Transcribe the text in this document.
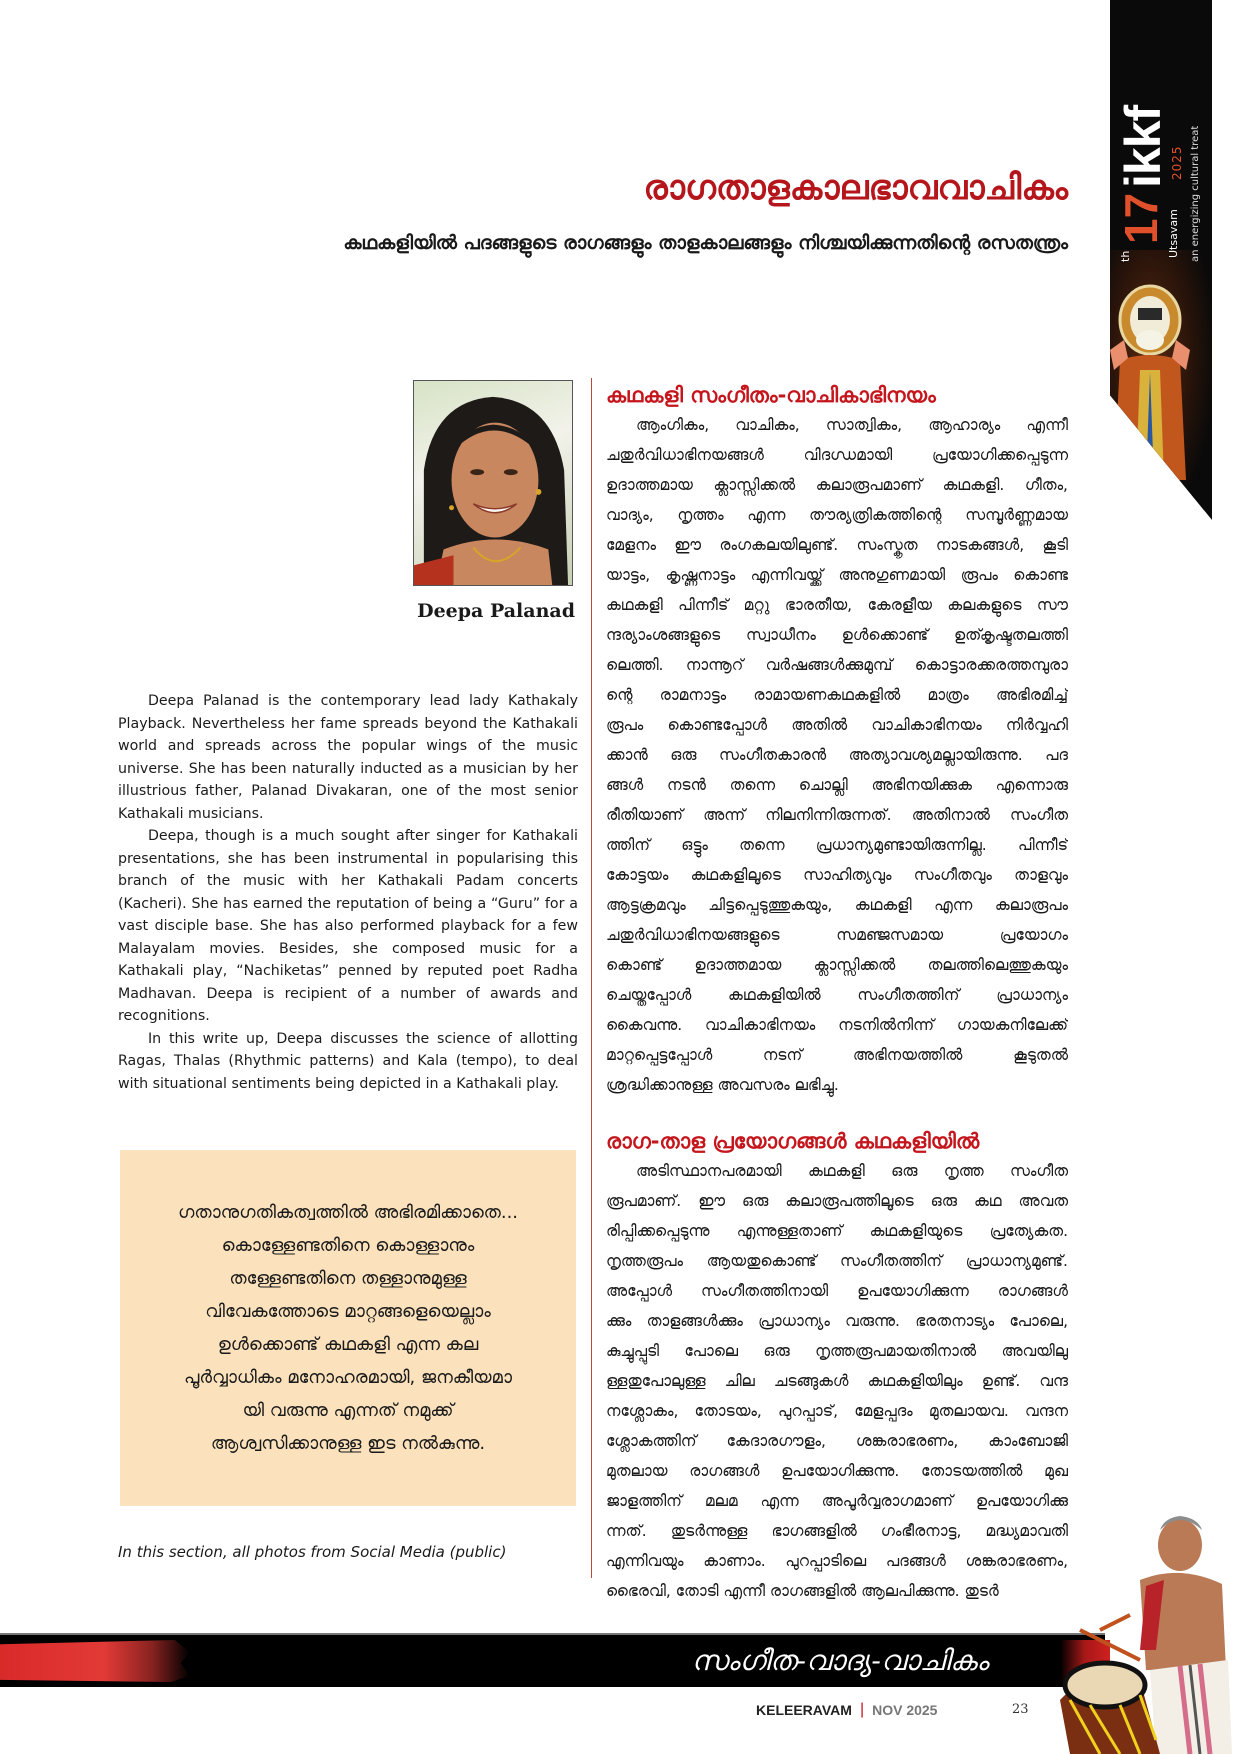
th
17 Utsavam
ikkf 2025 an energizing cultural treat
രാഗതാളകാലഭാവവാചികം
കഥകളിയിൽ പദങ്ങളുടെ രാഗങ്ങളും താളകാലങ്ങളും നിശ്ചയിക്കുന്നതിന്റെ രസതന്ത്രം
Deepa Palanad

Deepa Palanad is the contemporary lead lady Kathakaly Playback. Nevertheless her fame spreads beyond the Kathakali world and spreads across the popular wings of the music universe. She has been naturally inducted as a musician by her illustrious father, Palanad Divakaran, one of the most senior Kathakali musicians.

Deepa, though is a much sought after singer for Kathakali presentations, she has been instrumental in popularising this branch of the music with her Kathakali Padam concerts (Kacheri). She has earned the reputation of being a “Guru” for a vast disciple base. She has also performed playback for a few Malayalam movies. Besides, she composed music for a Kathakali play, “Nachiketas” penned by reputed poet Radha Madhavan. Deepa is recipient of a number of awards and recognitions.

In this write up, Deepa discusses the science of allotting Ragas, Thalas (Rhythmic patterns) and Kala (tempo), to deal with situational sentiments being depicted in a Kathakali play.

ഗതാനുഗതികത്വത്തിൽ അഭിരമിക്കാതെ...
കൊള്ളേണ്ടതിനെ കൊള്ളാനും
തള്ളേണ്ടതിനെ തള്ളാനുമുള്ള
വിവേകത്തോടെ മാറ്റങ്ങളെയെല്ലാം
ഉൾക്കൊണ്ട് കഥകളി എന്ന കല
പൂർവ്വാധികം മനോഹരമായി, ജനകീയമാ
യി വരുന്നു എന്നത് നമുക്ക്
ആശ്വസിക്കാനുള്ള ഇട നൽകുന്നു.
In this section, all photos from Social Media (public)
കഥകളി സംഗീതം-വാചികാഭിനയം
ആംഗികം, വാചികം, സാത്വികം, ആഹാര്യം എന്നീ
ചതുർവിധാഭിനയങ്ങൾ വിദഗ്ധമായി പ്രയോഗിക്കപ്പെടുന്ന
ഉദാത്തമായ ക്ലാസ്സിക്കൽ കലാരൂപമാണ് കഥകളി. ഗീതം,
വാദ്യം, നൃത്തം എന്ന തൗര്യത്രികത്തിന്റെ സമ്പൂർണ്ണമായ
മേളനം ഈ രംഗകലയിലുണ്ട്. സംസ്കൃത നാടകങ്ങൾ, കൂടി
യാട്ടം, കൃഷ്ണനാട്ടം എന്നിവയ്ക്ക് അനുഗുണമായി രൂപം കൊണ്ട
കഥകളി പിന്നീട് മറ്റു ഭാരതീയ, കേരളീയ കലകളുടെ സൗ
ന്ദര്യാംശങ്ങളുടെ സ്വാധീനം ഉൾക്കൊണ്ട് ഉത്കൃഷ്ടതലത്തി
ലെത്തി. നാന്നൂറ് വർഷങ്ങൾക്കുമുമ്പ് കൊട്ടാരക്കരത്തമ്പുരാ
ന്റെ രാമനാട്ടം രാമായണകഥകളിൽ മാത്രം അഭിരമിച്ച്
രൂപം കൊണ്ടപ്പോൾ അതിൽ വാചികാഭിനയം നിർവ്വഹി
ക്കാൻ ഒരു സംഗീതകാരൻ അത്യാവശ്യമല്ലായിരുന്നു. പദ
ങ്ങൾ നടൻ തന്നെ ചൊല്ലി അഭിനയിക്കുക എന്നൊരു
രീതിയാണ് അന്ന് നിലനിന്നിരുന്നത്. അതിനാൽ സംഗീത
ത്തിന് ഒട്ടും തന്നെ പ്രധാന്യമുണ്ടായിരുന്നില്ല. പിന്നീട്
കോട്ടയം കഥകളിലൂടെ സാഹിത്യവും സംഗീതവും താളവും
ആട്ടക്രമവും ചിട്ടപ്പെടുത്തുകയും, കഥകളി എന്ന കലാരൂപം
ചതുർവിധാഭിനയങ്ങളുടെ സമഞ്ജസമായ പ്രയോഗം
കൊണ്ട് ഉദാത്തമായ ക്ലാസ്സിക്കൽ തലത്തിലെത്തുകയും
ചെയ്തപ്പോൾ കഥകളിയിൽ സംഗീതത്തിന് പ്രാധാന്യം
കൈവന്നു. വാചികാഭിനയം നടനിൽനിന്ന് ഗായകനിലേക്ക്
മാറ്റപ്പെട്ടപ്പോൾ നടന് അഭിനയത്തിൽ കൂടുതൽ
ശ്രദ്ധിക്കാനുള്ള അവസരം ലഭിച്ചു.
രാഗ-താള പ്രയോഗങ്ങൾ കഥകളിയിൽ
അടിസ്ഥാനപരമായി കഥകളി ഒരു നൃത്ത സംഗീത
രൂപമാണ്. ഈ ഒരു കലാരൂപത്തിലൂടെ ഒരു കഥ അവത
രിപ്പിക്കപ്പെടുന്നു എന്നുള്ളതാണ് കഥകളിയുടെ പ്രത്യേകത.
നൃത്തരൂപം ആയതുകൊണ്ട് സംഗീതത്തിന് പ്രാധാന്യമുണ്ട്.
അപ്പോൾ സംഗീതത്തിനായി ഉപയോഗിക്കുന്ന രാഗങ്ങൾ
ക്കും താളങ്ങൾക്കും പ്രാധാന്യം വരുന്നു. ഭരതനാട്യം പോലെ,
കുച്ചുപ്പുടി പോലെ ഒരു നൃത്തരൂപമായതിനാൽ അവയിലു
ള്ളതുപോലുള്ള ചില ചടങ്ങുകൾ കഥകളിയിലും ഉണ്ട്. വന്ദ
നശ്ലോകം, തോടയം, പുറപ്പാട്, മേളപ്പദം മുതലായവ. വന്ദന
ശ്ലോകത്തിന് കേദാരഗൗളം, ശങ്കരാഭരണം, കാംബോജി
മുതലായ രാഗങ്ങൾ ഉപയോഗിക്കുന്നു. തോടയത്തിൽ മുഖ
ജാളത്തിന് മലമ എന്ന അപൂർവ്വരാഗമാണ് ഉപയോഗിക്കു
ന്നത്. തുടർന്നുള്ള ഭാഗങ്ങളിൽ ഗംഭീരനാട്ട, മദ്ധ്യമാവതി
എന്നിവയും കാണാം. പുറപ്പാടിലെ പദങ്ങൾ ശങ്കരാഭരണം,
ഭൈരവി, തോടി എന്നീ രാഗങ്ങളിൽ ആലപിക്കുന്നു. തുടർ
സംഗീത-വാദ്യ-വാചികം
KELEERAVAM | NOV 2025	23
